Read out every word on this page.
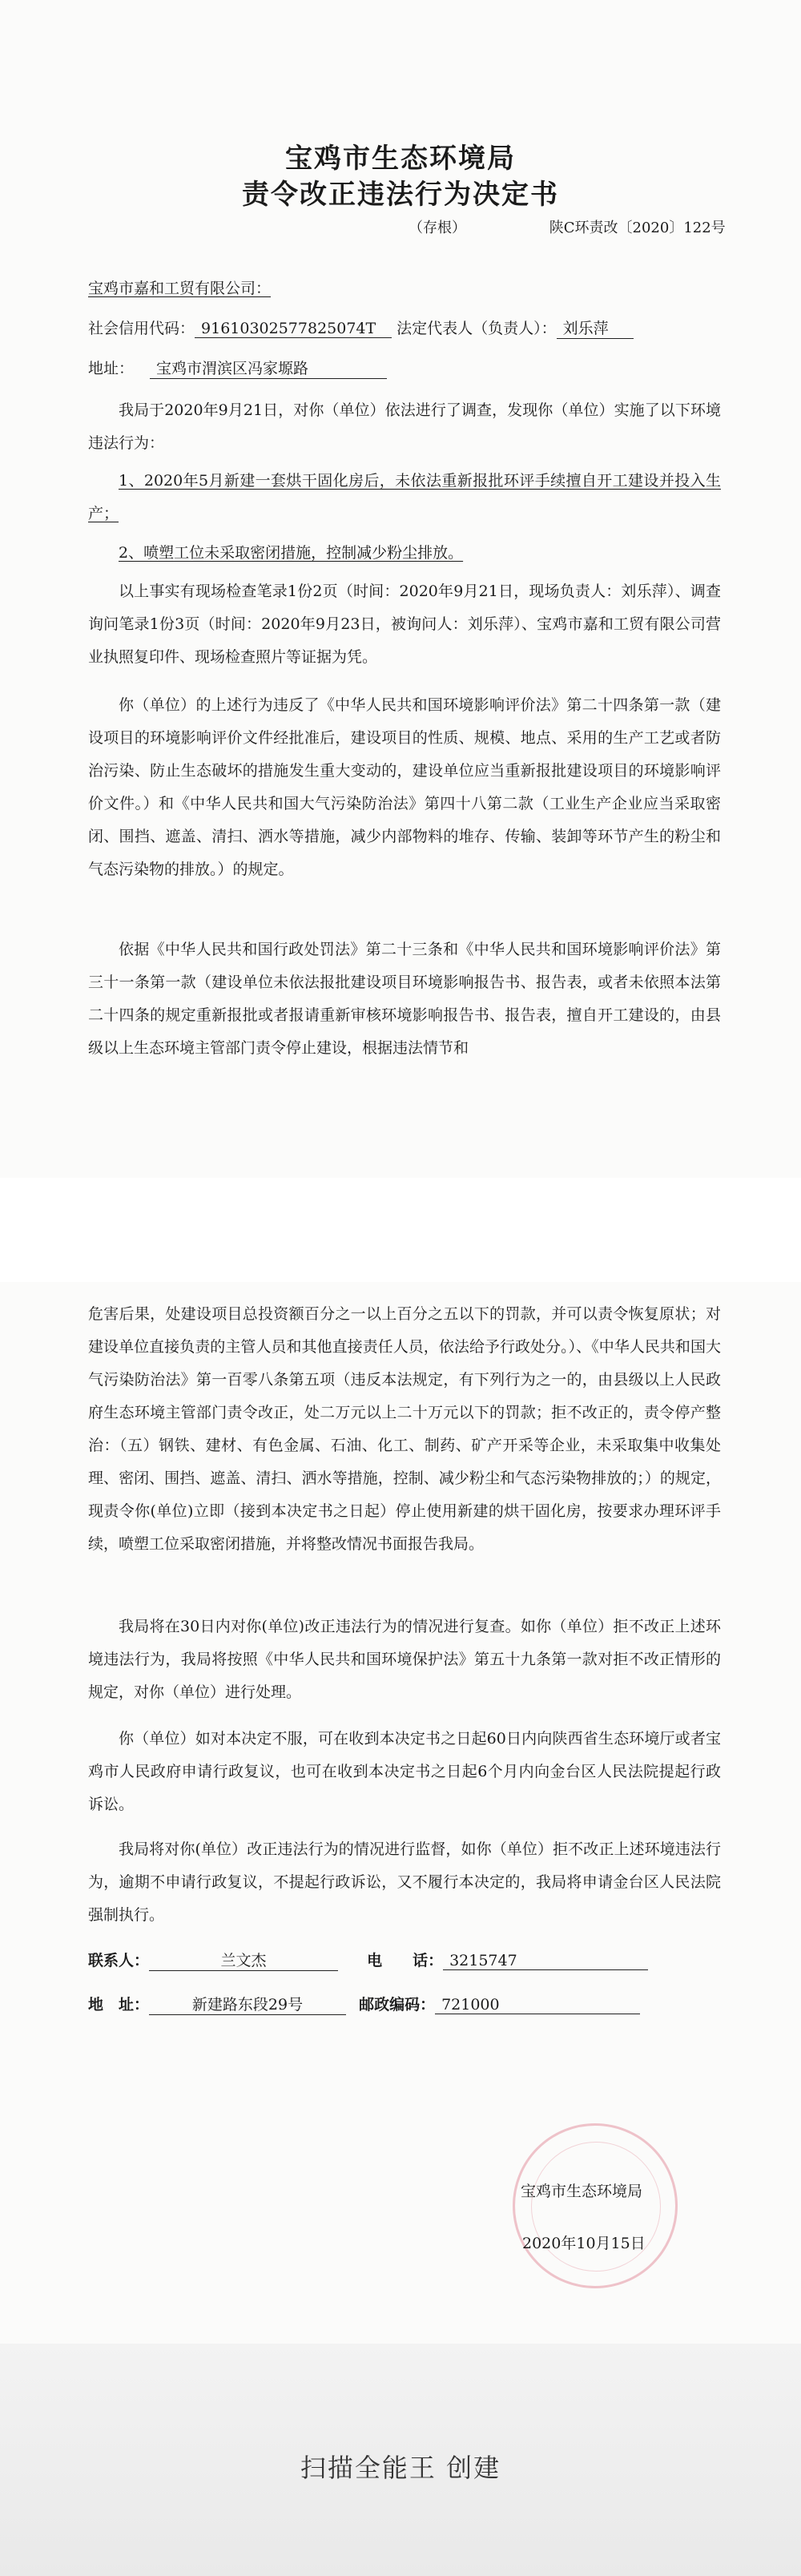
宝鸡市生态环境局
责令改正违法行为决定书
（存根）	陕C环责改〔2020〕122号
宝鸡市嘉和工贸有限公司：
社会信用代码： 91610302577825074T 法定代表人（负责人）： 刘乐萍
地址： 宝鸡市渭滨区冯家塬路
我局于2020年9月21日，对你（单位）依法进行了调查，发现你（单位）实施了以下环境违法行为：
1、2020年5月新建一套烘干固化房后，未依法重新报批环评手续擅自开工建设并投入生产；
2、喷塑工位未采取密闭措施，控制减少粉尘排放。
以上事实有现场检查笔录1份2页（时间：2020年9月21日，现场负责人：刘乐萍）、调查询问笔录1份3页（时间：2020年9月23日，被询问人：刘乐萍）、宝鸡市嘉和工贸有限公司营业执照复印件、现场检查照片等证据为凭。
你（单位）的上述行为违反了《中华人民共和国环境影响评价法》第二十四条第一款（建设项目的环境影响评价文件经批准后，建设项目的性质、规模、地点、采用的生产工艺或者防治污染、防止生态破坏的措施发生重大变动的，建设单位应当重新报批建设项目的环境影响评价文件。）和《中华人民共和国大气污染防治法》第四十八第二款（工业生产企业应当采取密闭、围挡、遮盖、清扫、洒水等措施，减少内部物料的堆存、传输、装卸等环节产生的粉尘和气态污染物的排放。）的规定。
依据《中华人民共和国行政处罚法》第二十三条和《中华人民共和国环境影响评价法》第三十一条第一款（建设单位未依法报批建设项目环境影响报告书、报告表，或者未依照本法第二十四条的规定重新报批或者报请重新审核环境影响报告书、报告表，擅自开工建设的，由县级以上生态环境主管部门责令停止建设，根据违法情节和
危害后果，处建设项目总投资额百分之一以上百分之五以下的罚款，并可以责令恢复原状；对建设单位直接负责的主管人员和其他直接责任人员，依法给予行政处分。）、《中华人民共和国大气污染防治法》第一百零八条第五项（违反本法规定，有下列行为之一的，由县级以上人民政府生态环境主管部门责令改正，处二万元以上二十万元以下的罚款；拒不改正的，责令停产整治：（五）钢铁、建材、有色金属、石油、化工、制药、矿产开采等企业，未采取集中收集处理、密闭、围挡、遮盖、清扫、洒水等措施，控制、减少粉尘和气态污染物排放的；）的规定，现责令你(单位)立即（接到本决定书之日起）停止使用新建的烘干固化房，按要求办理环评手续，喷塑工位采取密闭措施，并将整改情况书面报告我局。
我局将在30日内对你(单位)改正违法行为的情况进行复查。如你（单位）拒不改正上述环境违法行为，我局将按照《中华人民共和国环境保护法》第五十九条第一款对拒不改正情形的规定，对你（单位）进行处理。
你（单位）如对本决定不服，可在收到本决定书之日起60日内向陕西省生态环境厅或者宝鸡市人民政府申请行政复议，也可在收到本决定书之日起6个月内向金台区人民法院提起行政诉讼。
我局将对你(单位）改正违法行为的情况进行监督，如你（单位）拒不改正上述环境违法行为，逾期不申请行政复议，不提起行政诉讼，又不履行本决定的，我局将申请金台区人民法院强制执行。
联系人：	兰文杰	电　　话： 3215747
地　址：	新建路东段29号	邮政编码： 721000
宝鸡市生态环境局
2020年10月15日
扫描全能王 创建
